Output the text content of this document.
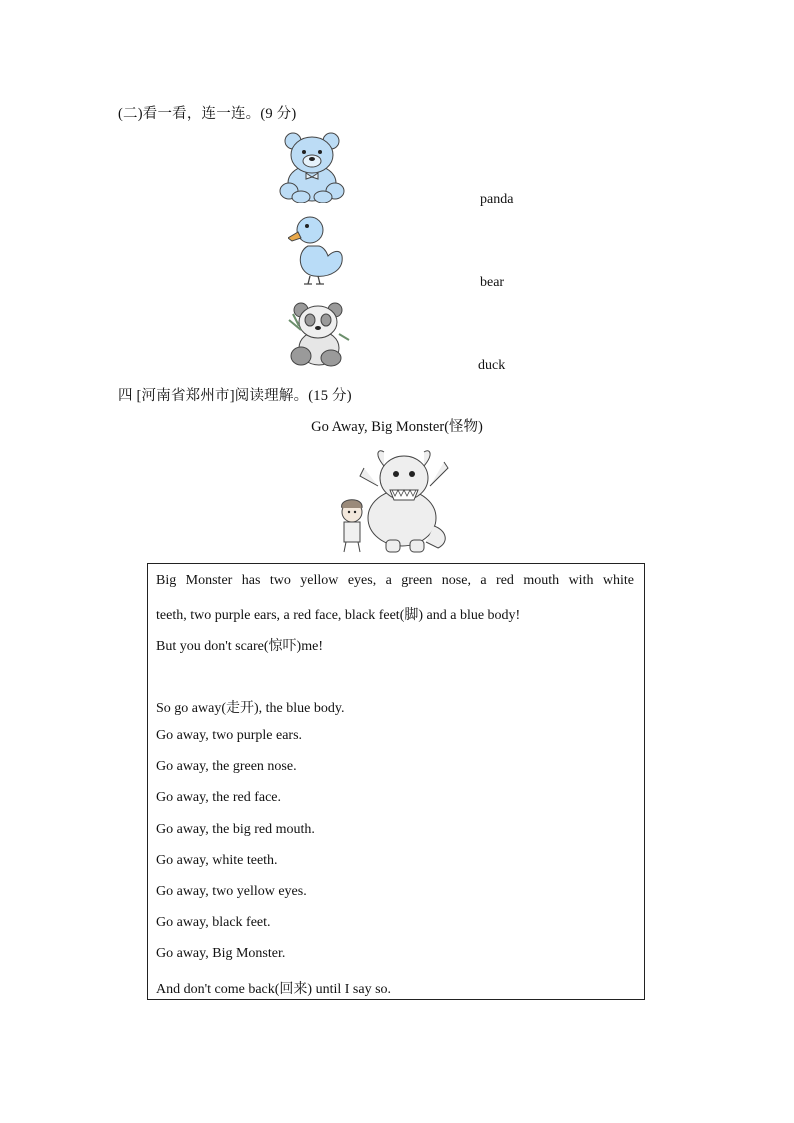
(二)看一看，连一连。(9 分)
panda
bear
duck
四 [河南省郑州市]阅读理解。(15 分)
Go Away, Big Monster(怪物)
Big Monster has two yellow eyes, a green nose, a red mouth with white
teeth, two purple ears, a red face, black feet(脚) and a blue body!
But you don't scare(惊吓)me!
So go away(走开), the blue body.
Go away, two purple ears.
Go away, the green nose.
Go away, the red face.
Go away, the big red mouth.
Go away, white teeth.
Go away, two yellow eyes.
Go away, black feet.
Go away, Big Monster.
And don't come back(回来) until I say so.
